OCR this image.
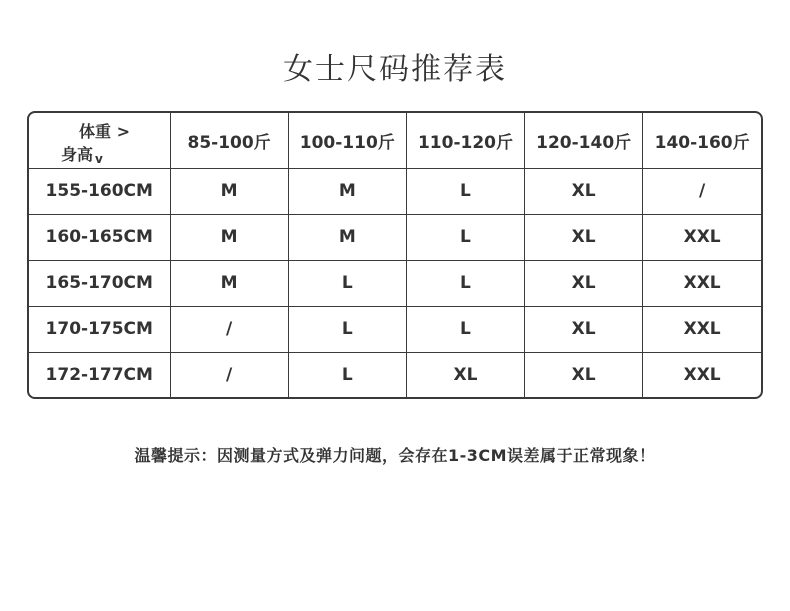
女士尺码推荐表
体重 >
身高 v	85-100斤	100-110斤	110-120斤	120-140斤	140-160斤
155-160CM	M	M	L	XL	/
160-165CM	M	M	L	XL	XXL
165-170CM	M	L	L	XL	XXL
170-175CM	/	L	L	XL	XXL
172-177CM	/	L	XL	XL	XXL
温馨提示：因测量方式及弹力问题，会存在1-3CM误差属于正常现象！
